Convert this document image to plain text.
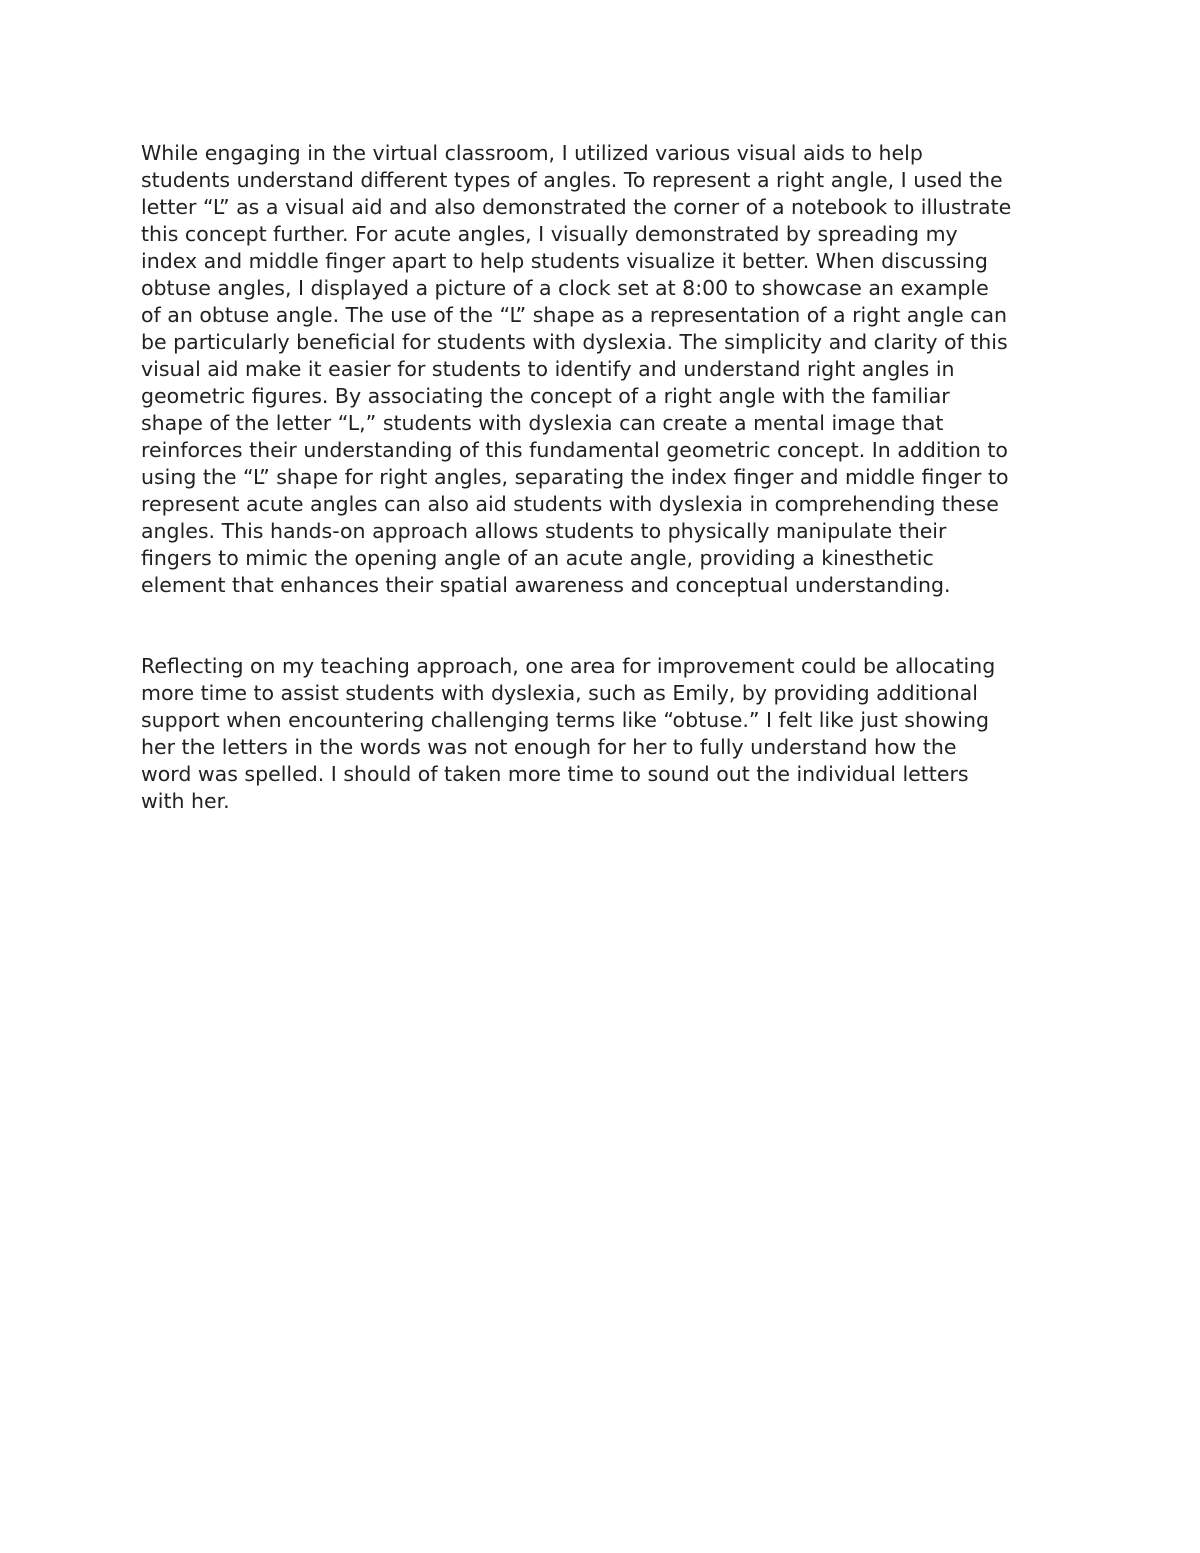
While engaging in the virtual classroom, I utilized various visual aids to help
students understand different types of angles. To represent a right angle, I used the
letter “L” as a visual aid and also demonstrated the corner of a notebook to illustrate
this concept further. For acute angles, I visually demonstrated by spreading my
index and middle finger apart to help students visualize it better. When discussing
obtuse angles, I displayed a picture of a clock set at 8:00 to showcase an example
of an obtuse angle. The use of the “L” shape as a representation of a right angle can
be particularly beneficial for students with dyslexia. The simplicity and clarity of this
visual aid make it easier for students to identify and understand right angles in
geometric figures. By associating the concept of a right angle with the familiar
shape of the letter “L,” students with dyslexia can create a mental image that
reinforces their understanding of this fundamental geometric concept. In addition to
using the “L” shape for right angles, separating the index finger and middle finger to
represent acute angles can also aid students with dyslexia in comprehending these
angles. This hands-on approach allows students to physically manipulate their
fingers to mimic the opening angle of an acute angle, providing a kinesthetic
element that enhances their spatial awareness and conceptual understanding.

Reflecting on my teaching approach, one area for improvement could be allocating
more time to assist students with dyslexia, such as Emily, by providing additional
support when encountering challenging terms like “obtuse.” I felt like just showing
her the letters in the words was not enough for her to fully understand how the
word was spelled. I should of taken more time to sound out the individual letters
with her.
